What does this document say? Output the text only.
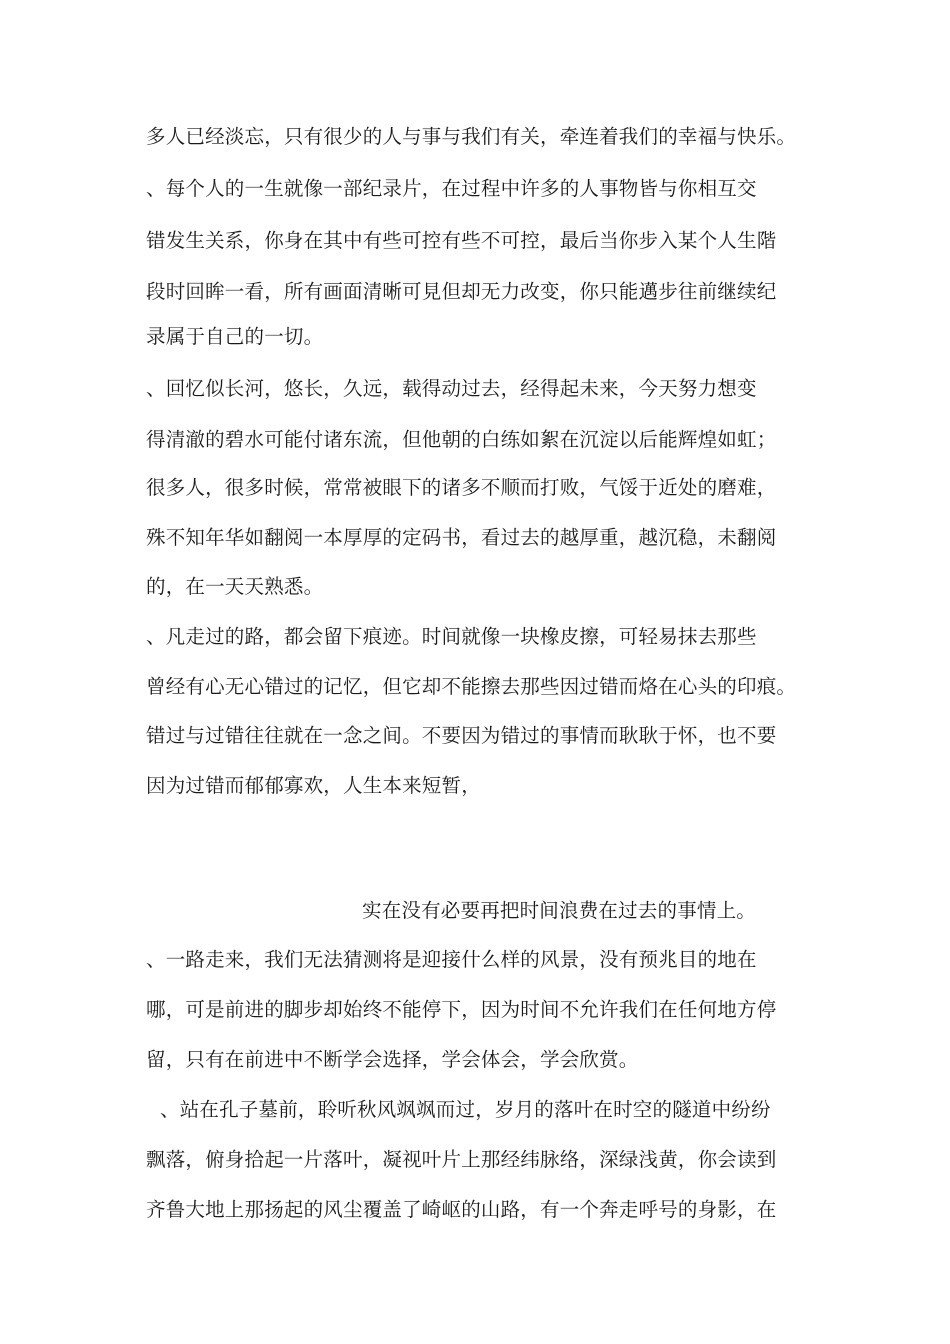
多人已经淡忘，只有很少的人与事与我们有关，牵连着我们的幸福与快乐。
、每个人的一生就像一部纪录片，在过程中许多的人事物皆与你相互交
错发生关系，你身在其中有些可控有些不可控，最后当你步入某个人生階
段时回眸一看，所有画面清晰可見但却无力改变，你只能邁步往前继续纪
录属于自己的一切。
、回忆似长河，悠长，久远，载得动过去，经得起未来，今天努力想变
得清澈的碧水可能付诸东流，但他朝的白练如絮在沉淀以后能辉煌如虹；
很多人，很多时候，常常被眼下的诸多不顺而打败，气馁于近处的磨难，
殊不知年华如翻阅一本厚厚的定码书，看过去的越厚重，越沉稳，未翻阅
的，在一天天熟悉。
、凡走过的路，都会留下痕迹。时间就像一块橡皮擦，可轻易抹去那些
曾经有心无心错过的记忆，但它却不能擦去那些因过错而烙在心头的印痕。
错过与过错往往就在一念之间。不要因为错过的事情而耿耿于怀，也不要
因为过错而郁郁寡欢，人生本来短暂，
实在没有必要再把时间浪费在过去的事情上。
、一路走来，我们无法猜测将是迎接什么样的风景，没有预兆目的地在
哪，可是前进的脚步却始终不能停下，因为时间不允许我们在任何地方停
留，只有在前进中不断学会选择，学会体会，学会欣赏。
、站在孔子墓前，聆听秋风飒飒而过，岁月的落叶在时空的隧道中纷纷
飘落，俯身拾起一片落叶，凝视叶片上那经纬脉络，深绿浅黄，你会读到
齐鲁大地上那扬起的风尘覆盖了崎岖的山路，有一个奔走呼号的身影，在
